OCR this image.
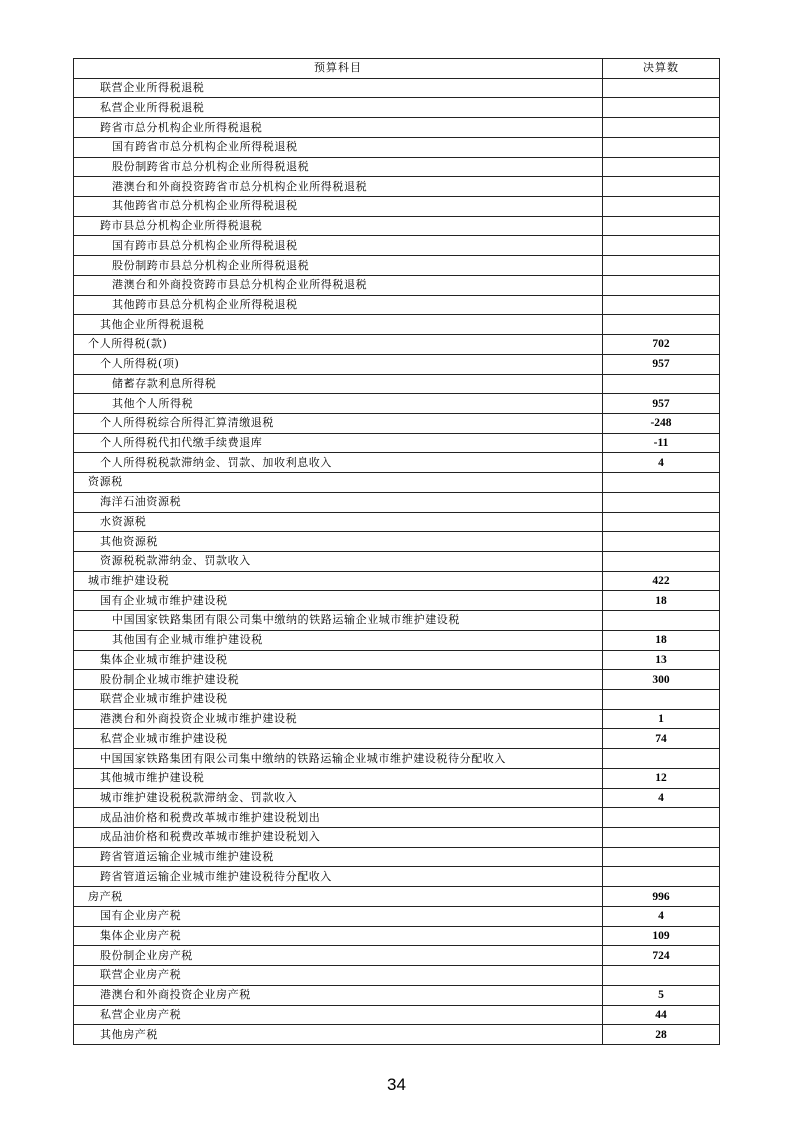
预算科目	决算数
联营企业所得税退税	
私营企业所得税退税	
跨省市总分机构企业所得税退税	
国有跨省市总分机构企业所得税退税	
股份制跨省市总分机构企业所得税退税	
港澳台和外商投资跨省市总分机构企业所得税退税	
其他跨省市总分机构企业所得税退税	
跨市县总分机构企业所得税退税	
国有跨市县总分机构企业所得税退税	
股份制跨市县总分机构企业所得税退税	
港澳台和外商投资跨市县总分机构企业所得税退税	
其他跨市县总分机构企业所得税退税	
其他企业所得税退税	
个人所得税(款)	702
个人所得税(项)	957
储蓄存款利息所得税	
其他个人所得税	957
个人所得税综合所得汇算清缴退税	-248
个人所得税代扣代缴手续费退库	-11
个人所得税税款滞纳金、罚款、加收利息收入	4
资源税	
海洋石油资源税	
水资源税	
其他资源税	
资源税税款滞纳金、罚款收入	
城市维护建设税	422
国有企业城市维护建设税	18
中国国家铁路集团有限公司集中缴纳的铁路运输企业城市维护建设税	
其他国有企业城市维护建设税	18
集体企业城市维护建设税	13
股份制企业城市维护建设税	300
联营企业城市维护建设税	
港澳台和外商投资企业城市维护建设税	1
私营企业城市维护建设税	74
中国国家铁路集团有限公司集中缴纳的铁路运输企业城市维护建设税待分配收入	
其他城市维护建设税	12
城市维护建设税税款滞纳金、罚款收入	4
成品油价格和税费改革城市维护建设税划出	
成品油价格和税费改革城市维护建设税划入	
跨省管道运输企业城市维护建设税	
跨省管道运输企业城市维护建设税待分配收入	
房产税	996
国有企业房产税	4
集体企业房产税	109
股份制企业房产税	724
联营企业房产税	
港澳台和外商投资企业房产税	5
私营企业房产税	44
其他房产税	28
34
